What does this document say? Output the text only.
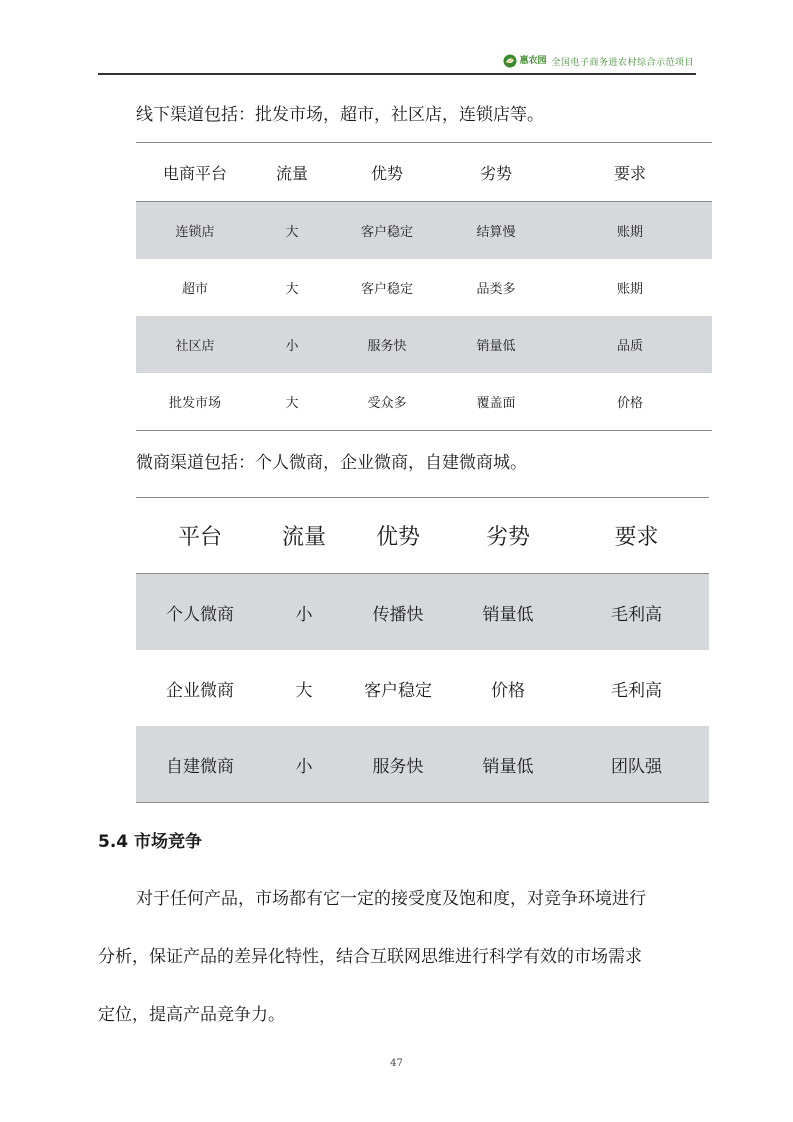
惠农园 全国电子商务进农村综合示范项目
线下渠道包括：批发市场，超市，社区店，连锁店等。
电商平台	流量	优势	劣势	要求
连锁店	大	客户稳定	结算慢	账期
超市	大	客户稳定	品类多	账期
社区店	小	服务快	销量低	品质
批发市场	大	受众多	覆盖面	价格
微商渠道包括：个人微商，企业微商，自建微商城。
平台	流量	优势	劣势	要求
个人微商	小	传播快	销量低	毛利高
企业微商	大	客户稳定	价格	毛利高
自建微商	小	服务快	销量低	团队强
5.4 市场竞争
对于任何产品，市场都有它一定的接受度及饱和度，对竞争环境进行
分析，保证产品的差异化特性，结合互联网思维进行科学有效的市场需求
定位，提高产品竞争力。
47
